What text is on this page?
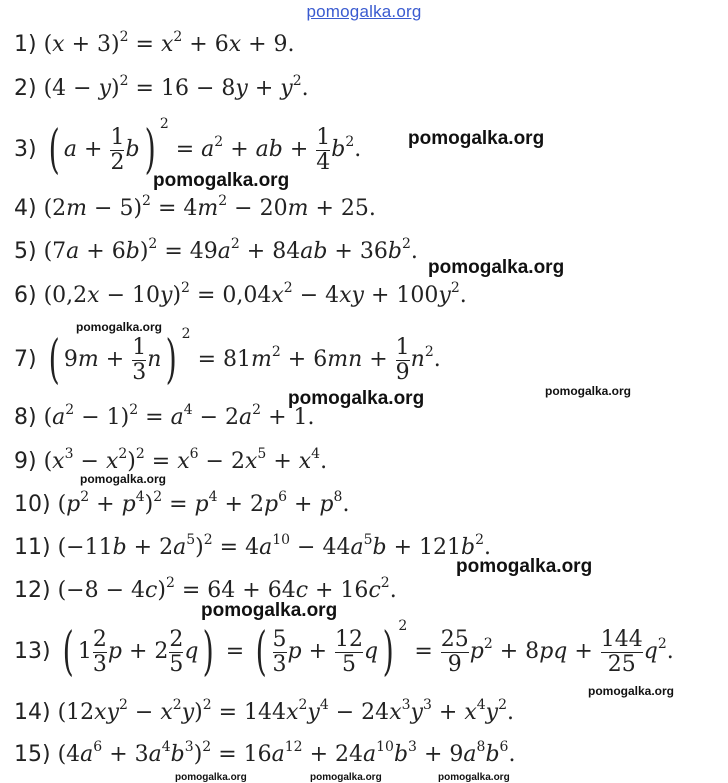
pomogalka.org
1) $(x + 3)^2 = x^2 + 6x + 9$.
2) $(4 - y)^2 = 16 - 8y + y^2$.
3) ( $a + \frac{1}{2} b$) $^2 = a^2$ + ab + $\frac{1}{4} b^2$.
4) $(2m - 5)^2 = 4m^2 - 20m + 25$.
5) $(7a + 6b)^2 = 49a^2 + 84ab + 36b^2$.
6) $(0,2x - 10y)^2 = 0,04x^2 - 4xy + 100y^2$.
7) ( $9m + \frac{1}{3} n$) $^2 = 81m^2 + 6mn + \frac{1}{9} n^2$.
8) $(a^2 - 1)^2 = a^4 - 2a^2 + 1$.
9) $(x^3 - x^2)^2 = x^6 - 2x^5 + x^4$.
10) $(p^2 + p^4)^2 = p^4 + 2p^6 + p^8$.
11) $(-11b + 2a^5)^2 = 4a^{10} - 44a^5b + 121b^2$.
12) $(-8 - 4c)^2 = 64 + 64c + 16c^2$.
13) ( $1 \frac{2}{3}$ $p + 2 \frac{2}{5} q$) = ( $\frac{5}{3}$ $p + \frac{12}{5} q$) $^2 = \frac{25}{9} p^2 + 8pq + \frac{144}{25} q^2$.
14) $(12xy^2 - x^2y)^2 = 144x^2y^4 - 24x^3y^3 + x^4y^2$.
15) $(4a^6 + 3a^4b^3)^2 = 16a^{12} + 24a^{10}b^3 + 9a^8b^6$.
pomogalka.org
pomogalka.org
pomogalka.org
pomogalka.org
pomogalka.org	pomogalka.org
pomogalka.org
pomogalka.org
pomogalka.org
pomogalka.org
pomogalka.org	pomogalka.org	pomogalka.org
